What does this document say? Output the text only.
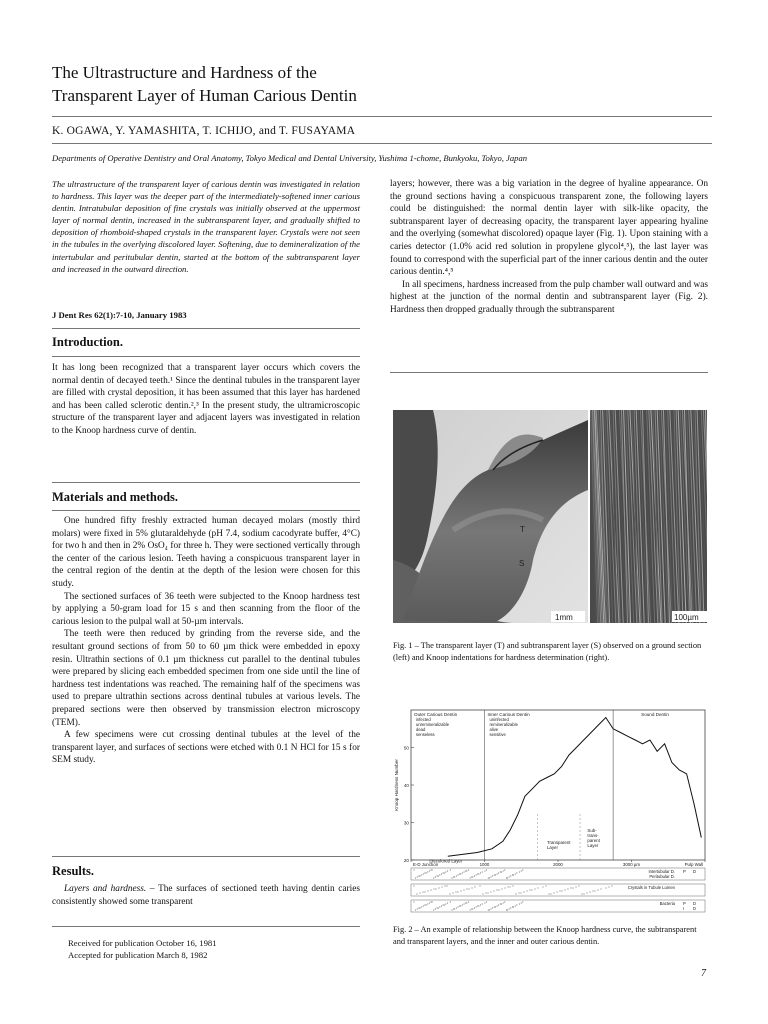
The Ultrastructure and Hardness of the
Transparent Layer of Human Carious Dentin
K. OGAWA, Y. YAMASHITA, T. ICHIJO, and T. FUSAYAMA
Departments of Operative Dentistry and Oral Anatomy, Tokyo Medical and Dental University, Yushima 1-chome, Bunkyoku, Tokyo, Japan
The ultrastructure of the transparent layer of carious dentin was investigated in relation to hardness. This layer was the deeper part of the intermediately-softened inner carious dentin. Intratubular deposition of fine crystals was initially observed at the uppermost layer of normal dentin, increased in the subtransparent layer, and gradually shifted to deposition of rhomboid-shaped crystals in the transparent layer. Crystals were not seen in the tubules in the overlying discolored layer. Softening, due to demineralization of the intertubular and peritubular dentin, started at the bottom of the subtransparent layer and increased in the outward direction.
J Dent Res 62(1):7-10, January 1983
Introduction.
It has long been recognized that a transparent layer occurs which covers the normal dentin of decayed teeth.¹ Since the dentinal tubules in the transparent layer are filled with crystal deposition, it has been assumed that this layer has hardened and has been called sclerotic dentin.²,³ In the present study, the ultramicroscopic structure of the transparent layer and adjacent layers was investigated in relation to the Knoop hardness curve of dentin.
Materials and methods.

One hundred fifty freshly extracted human decayed molars (mostly third molars) were fixed in 5% glutaraldehyde (pH 7.4, sodium cacodyrate buffer, 4°C) for two h and then in 2% OsO₄ for three h. They were sectioned vertically through the center of the carious lesion. Teeth having a conspicuous transparent layer in the central region of the dentin at the depth of the lesion were chosen for this study.

The sectioned surfaces of 36 teeth were subjected to the Knoop hardness test by applying a 50-gram load for 15 s and then scanning from the floor of the carious lesion to the pulpal wall at 50-µm intervals.

The teeth were then reduced by grinding from the reverse side, and the resultant ground sections of from 50 to 60 µm thick were embedded in epoxy resin. Ultrathin sections of 0.1 µm thickness cut parallel to the dentinal tubules were prepared by slicing each embedded specimen from one side until the line of hardness test indentations was reached. The remaining half of the specimens was used to prepare ultrathin sections across dentinal tubules at various levels. The prepared sections were then observed by transmission electron microscopy (TEM).

A few specimens were cut crossing dentinal tubules at the level of the transparent layer, and surfaces of sections were etched with 0.1 N HCl for 15 s for SEM study.

Results.

Layers and hardness. – The surfaces of sectioned teeth having dentin caries consistently showed some transparent

Received for publication October 16, 1981
Accepted for publication March 8, 1982

layers; however, there was a big variation in the degree of hyaline appearance. On the ground sections having a conspicuous transparent zone, the following layers could be distinguished: the normal dentin layer with silk-like opacity, the subtransparent layer of decreasing opacity, the transparent layer appearing hyaline and the overlying (somewhat discolored) opaque layer (Fig. 1). Upon staining with a caries detector (1.0% acid red solution in propylene glycol⁴,⁵), the last layer was found to correspond with the superficial part of the inner carious dentin and the outer carious dentin.⁴,⁵

In all specimens, hardness increased from the pulp chamber wall outward and was highest at the junction of the normal dentin and subtransparent layer (Fig. 2). Hardness then dropped gradually through the subtransparent

T
S
1mm	100µm
Fig. 1 – The transparent layer (T) and subtransparent layer (S) observed on a ground section (left) and Knoop indentations for hardness determination (right).
Outer Carious Dentin
infected
unremineralizable
dead
senseless
Inner Carious Dentin
uninfected
remineralizable
alive
sensitive
Sound Dentin
20
30
40
50
Knoop Hardness Number
E-D Junction	1000	2000	3000 µm	Pulp Wall
Discolored Layer
Transparent
Layer
Sub-
trans-
parent
Layer
Intertubular D.
Peritubular D.
P D
Crystals in Tubule Lumen
Bacteria P D
I D
Fig. 2 – An example of relationship between the Knoop hardness curve, the subtransparent and transparent layers, and the inner and outer carious dentin.
7
